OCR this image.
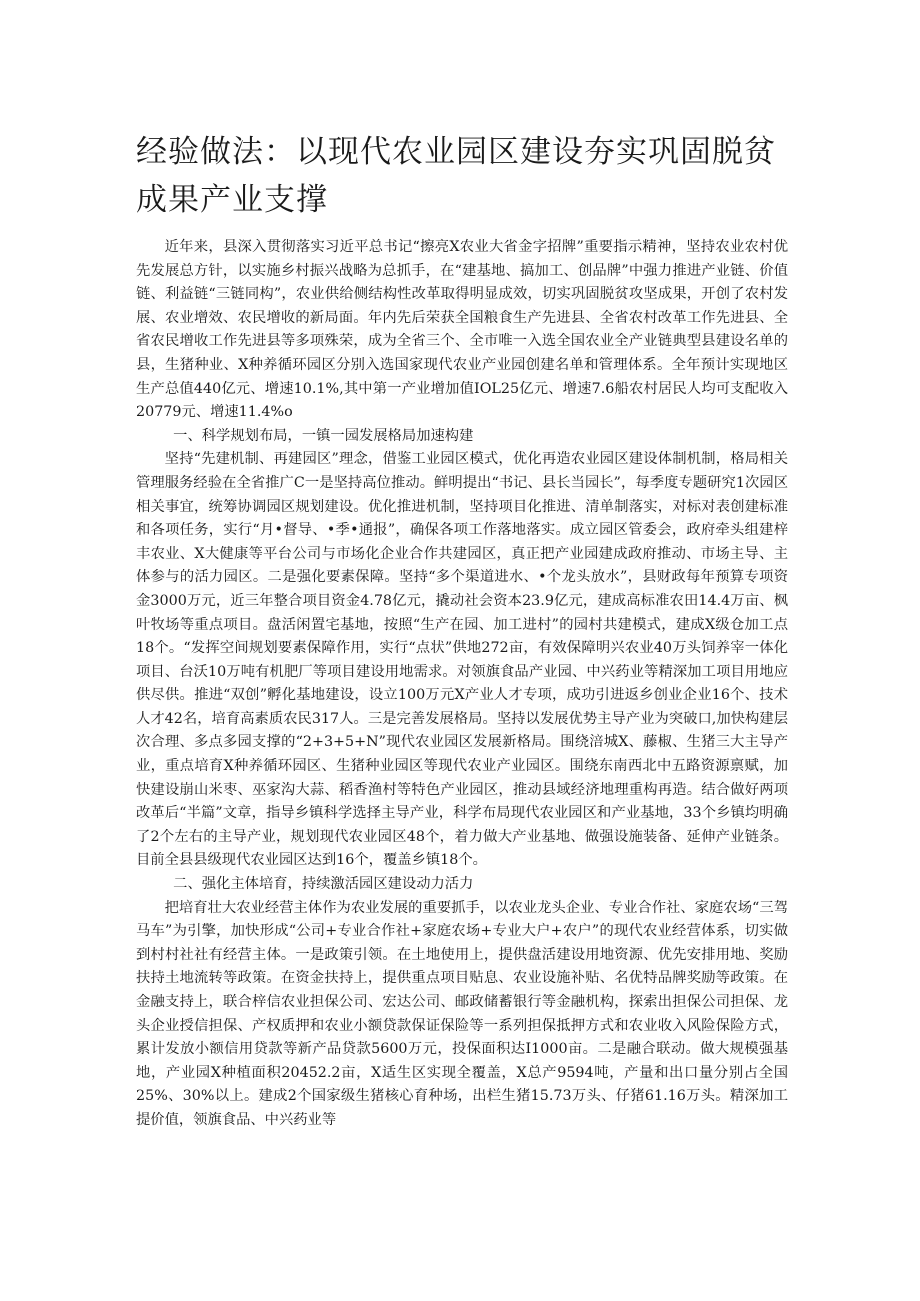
经验做法：以现代农业园区建设夯实巩固脱贫成果产业支撑

近年来，县深入贯彻落实习近平总书记“擦亮X农业大省金字招牌”重要指示精神，坚持农业农村优先发展总方针，以实施乡村振兴战略为总抓手，在“建基地、搞加工、创品牌”中强力推进产业链、价值链、利益链“三链同构”，农业供给侧结构性改革取得明显成效，切实巩固脱贫攻坚成果，开创了农村发展、农业增效、农民增收的新局面。年内先后荣获全国粮食生产先进县、全省农村改革工作先进县、全省农民增收工作先进县等多项殊荣，成为全省三个、全市唯一入选全国农业全产业链典型县建设名单的县，生猪种业、X种养循环园区分别入选国家现代农业产业园创建名单和管理体系。全年预计实现地区生产总值440亿元、增速10.1%,其中第一产业增加值IOL25亿元、增速7.6船农村居民人均可支配收入20779元、增速11.4%o

一、科学规划布局，一镇一园发展格局加速构建

坚持“先建机制、再建园区”理念，借鉴工业园区模式，优化再造农业园区建设体制机制，格局相关管理服务经验在全省推广C一是坚持高位推动。鲜明提出“书记、县长当园长”，每季度专题研究1次园区相关事宜，统筹协调园区规划建设。优化推进机制，坚持项目化推进、清单制落实，对标对表创建标准和各项任务，实行“月•督导、•季•通报”，确保各项工作落地落实。成立园区管委会，政府牵头组建梓丰农业、X大健康等平台公司与市场化企业合作共建园区，真正把产业园建成政府推动、市场主导、主体参与的活力园区。二是强化要素保障。坚持“多个渠道进水、•个龙头放水”，县财政每年预算专项资金3000万元，近三年整合项目资金4.78亿元，撬动社会资本23.9亿元，建成高标准农田14.4万亩、枫叶牧场等重点项目。盘活闲置宅基地，按照“生产在园、加工进村”的园村共建模式，建成X级仓加工点18个。“发挥空间规划要素保障作用，实行“点状”供地272亩，有效保障明兴农业40万头饲养宰一体化项目、台沃10万吨有机肥厂等项目建设用地需求。对领旗食品产业园、中兴药业等精深加工项目用地应供尽供。推进“双创”孵化基地建设，设立100万元X产业人才专项，成功引进返乡创业企业16个、技术人才42名，培育高素质农民317人。三是完善发展格局。坚持以发展优势主导产业为突破口,加快构建层次合理、多点多园支撑的“2+3+5+N”现代农业园区发展新格局。围绕涪城X、藤椒、生猪三大主导产业，重点培育X种养循环园区、生猪种业园区等现代农业产业园区。围绕东南西北中五路资源禀赋，加快建设崩山米枣、巫家沟大蒜、稻香渔村等特色产业园区，推动县域经济地理重构再造。结合做好两项改革后“半篇”文章，指导乡镇科学选择主导产业，科学布局现代农业园区和产业基地，33个乡镇均明确了2个左右的主导产业，规划现代农业园区48个，着力做大产业基地、做强设施装备、延伸产业链条。目前全县县级现代农业园区达到16个，覆盖乡镇18个。

二、强化主体培育，持续激活园区建设动力活力

把培育壮大农业经营主体作为农业发展的重要抓手，以农业龙头企业、专业合作社、家庭农场“三驾马车”为引擎，加快形成“公司+专业合作社+家庭农场+专业大户+农户”的现代农业经营体系，切实做到村村社社有经营主体。一是政策引领。在土地使用上，提供盘活建设用地资源、优先安排用地、奖励扶持土地流转等政策。在资金扶持上，提供重点项目贴息、农业设施补贴、名优特品牌奖励等政策。在金融支持上，联合梓信农业担保公司、宏达公司、邮政储蓄银行等金融机构，探索出担保公司担保、龙头企业授信担保、产权质押和农业小额贷款保证保险等一系列担保抵押方式和农业收入风险保险方式，累计发放小额信用贷款等新产品贷款5600万元，投保面积达I1000亩。二是融合联动。做大规模强基地，产业园X种植面积20452.2亩，X适生区实现全覆盖，X总产9594吨，产量和出口量分别占全国25%、30%以上。建成2个国家级生猪核心育种场，出栏生猪15.73万头、仔猪61.16万头。精深加工提价值，领旗食品、中兴药业等
